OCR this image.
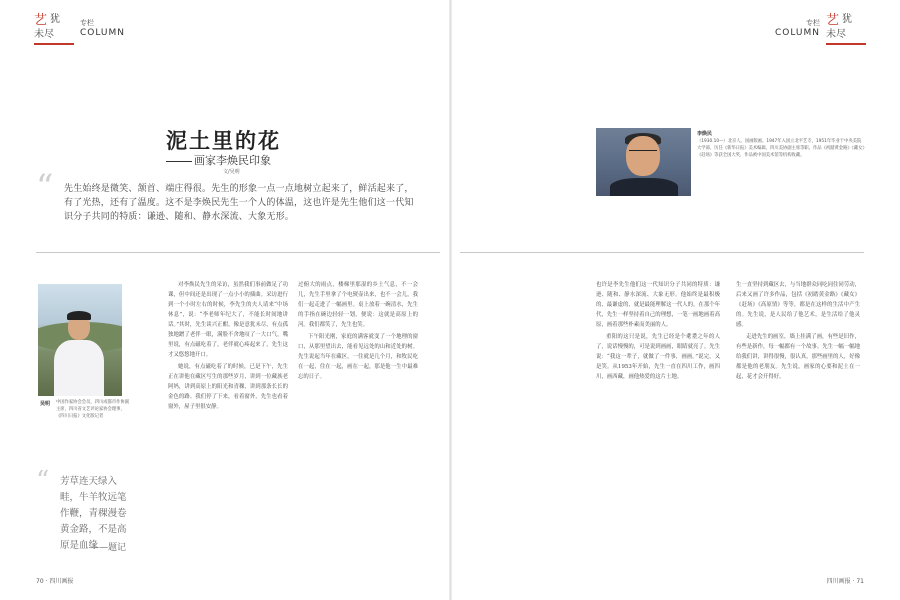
艺 犹
未尽
专栏
COLUMN
艺 犹
未尽
专栏
COLUMN
泥土里的花
画家李焕民印象
文/吴明
“ 先生始终是微笑、颔首、端庄得很。先生的形象一点一点地树立起来了，鲜活起来了，有了光热，还有了温度。这不是李焕民先生一个人的体温，这也许是先生他们这一代知识分子共同的特质：谦逊、随和、静水深流、大象无形。
李焕民
（1930.10—）北京人。国画版画。1947年入国立北平艺专，1951年毕业于中央美院大学部，历任《新华日报》美术编辑，四川美协副主席等职。作品《初踏黄金路》《藏女》《赶场》等获全国大奖，作品被中国美术馆等机构收藏。
吴明 中国作家协会会员，四川成都市作协副主席，四川省文艺评论家协会理事，《四川日报》文化版记者
“ 芳草连天绿入畦，牛羊牧远笔作鞭，青稞漫卷黄金路，不是高原是血缘
——题记

对李焕民先生的采访，虽然我们事前做足了功课，但中间还是出现了一点小小的插曲。采访进行到一个小时左右的时候，李先生的夫人请来“中场休息”，说：“李老师年纪大了，不能长时间地讲话。”其时，先生谈兴正酣，像是意犹未尽，有点孤独地蹭了老伴一眼，满脸不舍地叹了一大口气，嘴里说，有点磁吃着了，老伴就心疼起来了，先生这才又悠悠地开口。

她说，有点磁吃着了的时候，已是下午，先生正在讲他在藏区写生的那些岁月，讲到一位藏族老阿妈，讲到高原上的阳光和青稞，讲到那条长长的金色的路。我们停了下来，看着窗外，先生也看着窗外，屋子里很安静。

过俯大的雨点，楼梯里那湿的乡土气息，不一会儿，先生手里拿了个电熨壶出来，也不一会儿，我们一起走进了一幅画里。桌上放着一碗清水，先生的手指在碗边轻轻一划，便说：这就是高原上的河。我们都笑了，先生也笑。

下午阳光刚，家庭的满客就变了一个地理的窗口，从那里望出去，能看见远处的山和近处的树。先生说起当年在藏区，一住就是几个月，和牧民吃在一起，住在一起，画在一起，那是他一生中最难忘的日子。

也许是李先生他们这一代知识分子共同的特质：谦逊、随和、静水深流、大象无形。他始终是最积极的、最谦虚的，就是最能理解这一代人的。在那个年代，先生一样坚持着自己的理想，一笔一画地画着高原，画着那些朴素而美丽的人。

重阳的这只是说，先生已经是个耄耋之年的人了，说话慢慢的，可是说到画画，眼睛就亮了。先生说：“我这一辈子，就做了一件事，画画。”说完，又是笑。从1953年开始，先生一直在四川工作，画四川，画西藏，画他热爱的这片土地。

生一直坚持到藏区去，与当地群众同吃同住同劳动，后来又画了许多作品，包括《初踏黄金路》《藏女》《赶场》《高原情》等等，都是在这样的生活中产生的。先生说，是人民给了他艺术，是生活给了他灵感。

走进先生的画室，墙上挂满了画，有些是旧作，有些是新作，每一幅都有一个故事。先生一幅一幅地给我们讲，讲得很慢，很认真，那些画里的人，好像都是他的老朋友。先生说，画家的心要和泥土在一起，花才会开得好。

70 · 四川画报	四川画报 · 71
